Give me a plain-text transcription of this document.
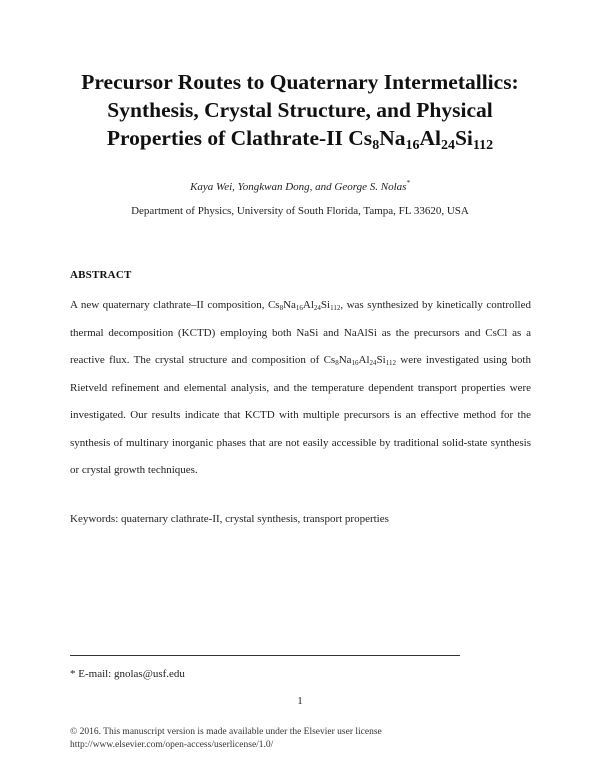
Precursor Routes to Quaternary Intermetallics:
Synthesis, Crystal Structure, and Physical
Properties of Clathrate-II $Cs_8Na_{16}Al_{24}Si_{112}$
Kaya Wei, Yongkwan Dong, and George S. Nolas*
Department of Physics, University of South Florida, Tampa, FL 33620, USA
ABSTRACT
A new quaternary clathrate–II composition, $Cs_8Na_{16}Al_{24}Si_{112}$, was synthesized by kinetically controlled thermal decomposition (KCTD) employing both NaSi and NaAlSi as the precursors and CsCl as a reactive flux. The crystal structure and composition of $Cs_8Na_{16}Al_{24}Si_{112}$ were investigated using both Rietveld refinement and elemental analysis, and the temperature dependent transport properties were investigated. Our results indicate that KCTD with multiple precursors is an effective method for the synthesis of multinary inorganic phases that are not easily accessible by traditional solid-state synthesis or crystal growth techniques.
Keywords: quaternary clathrate-II, crystal synthesis, transport properties
* E-mail: gnolas@usf.edu
1
© 2016. This manuscript version is made available under the Elsevier user license
http://www.elsevier.com/open-access/userlicense/1.0/
